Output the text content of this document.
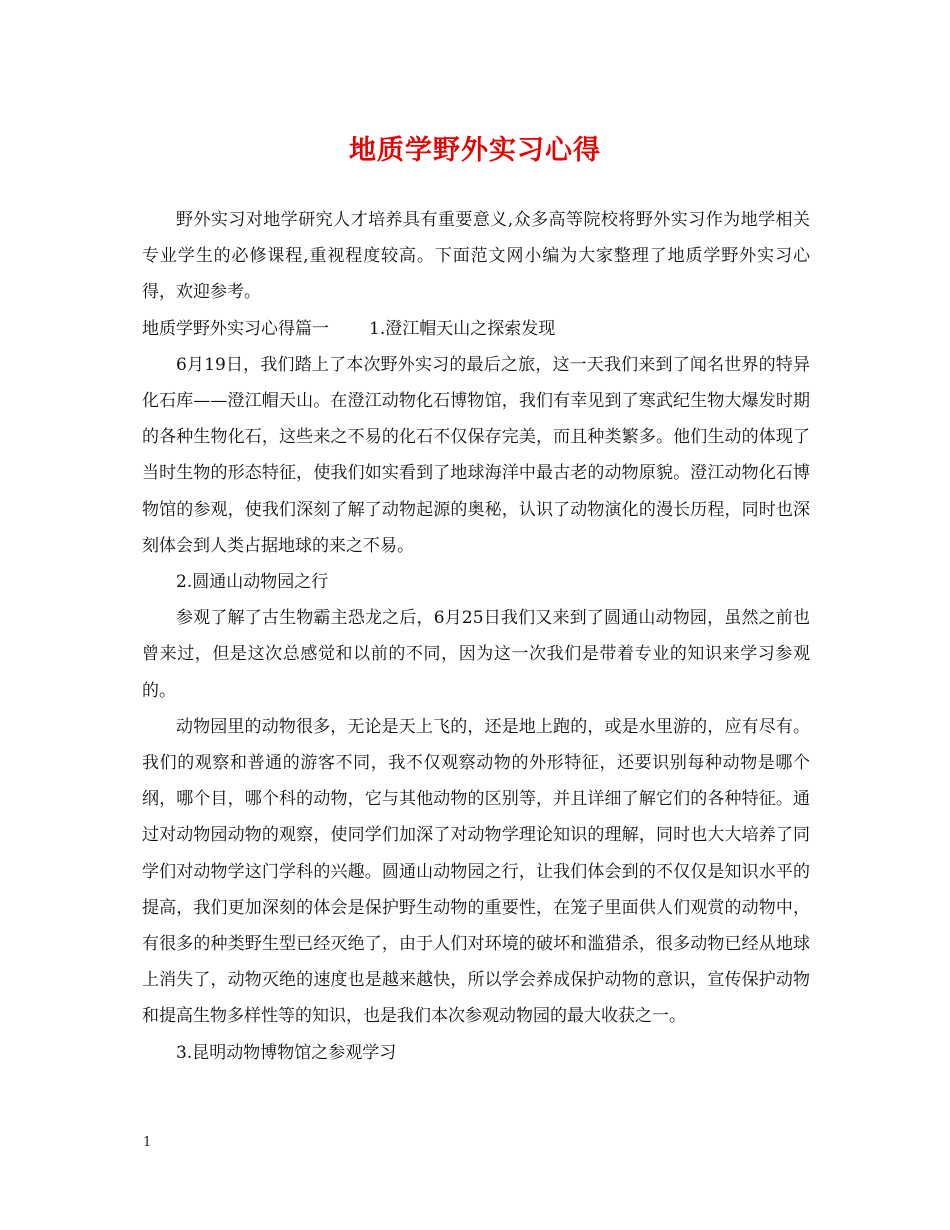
地质学野外实习心得

野外实习对地学研究人才培养具有重要意义,众多高等院校将野外实习作为地学相关专业学生的必修课程,重视程度较高。下面范文网小编为大家整理了地质学野外实习心得，欢迎参考。

地质学野外实习心得篇一 1.澄江帽天山之探索发现

6月19日，我们踏上了本次野外实习的最后之旅，这一天我们来到了闻名世界的特异化石库——澄江帽天山。在澄江动物化石博物馆，我们有幸见到了寒武纪生物大爆发时期的各种生物化石，这些来之不易的化石不仅保存完美，而且种类繁多。他们生动的体现了当时生物的形态特征，使我们如实看到了地球海洋中最古老的动物原貌。澄江动物化石博物馆的参观，使我们深刻了解了动物起源的奥秘，认识了动物演化的漫长历程，同时也深刻体会到人类占据地球的来之不易。

2.圆通山动物园之行

参观了解了古生物霸主恐龙之后，6月25日我们又来到了圆通山动物园，虽然之前也曾来过，但是这次总感觉和以前的不同，因为这一次我们是带着专业的知识来学习参观的。

动物园里的动物很多，无论是天上飞的，还是地上跑的，或是水里游的，应有尽有。我们的观察和普通的游客不同，我不仅观察动物的外形特征，还要识别每种动物是哪个纲，哪个目，哪个科的动物，它与其他动物的区别等，并且详细了解它们的各种特征。通过对动物园动物的观察，使同学们加深了对动物学理论知识的理解，同时也大大培养了同学们对动物学这门学科的兴趣。圆通山动物园之行，让我们体会到的不仅仅是知识水平的提高，我们更加深刻的体会是保护野生动物的重要性，在笼子里面供人们观赏的动物中，有很多的种类野生型已经灭绝了，由于人们对环境的破坏和滥猎杀，很多动物已经从地球上消失了，动物灭绝的速度也是越来越快，所以学会养成保护动物的意识，宣传保护动物和提高生物多样性等的知识，也是我们本次参观动物园的最大收获之一。

3.昆明动物博物馆之参观学习

1
